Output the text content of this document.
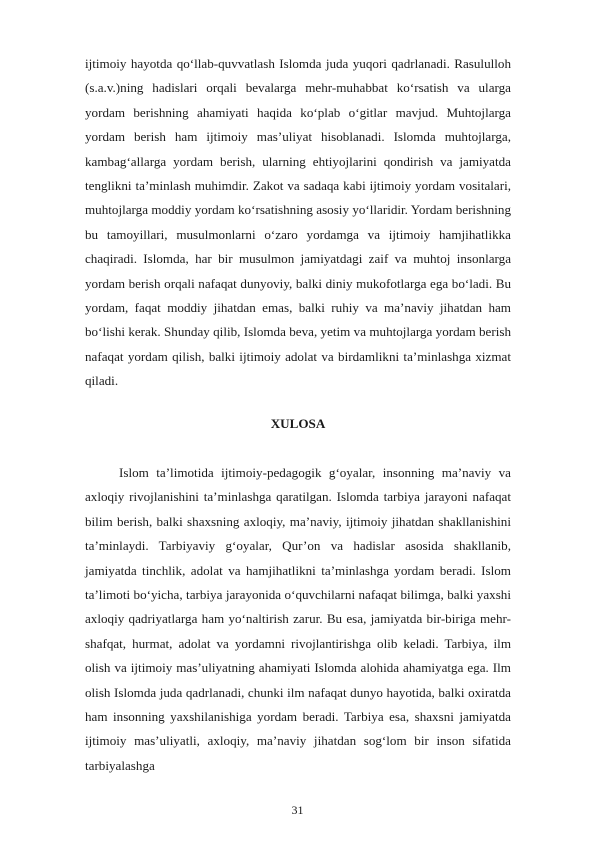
ijtimoiy hayotda qo‘llab-quvvatlash Islomda juda yuqori qadrlanadi. Rasululloh (s.a.v.)ning hadislari orqali bevalarga mehr-muhabbat ko‘rsatish va ularga yordam berishning ahamiyati haqida ko‘plab o‘gitlar mavjud. Muhtojlarga yordam berish ham ijtimoiy mas’uliyat hisoblanadi. Islomda muhtojlarga, kambag‘allarga yordam berish, ularning ehtiyojlarini qondirish va jamiyatda tenglikni ta’minlash muhimdir. Zakot va sadaqa kabi ijtimoiy yordam vositalari, muhtojlarga moddiy yordam ko‘rsatishning asosiy yo‘llaridir. Yordam berishning bu tamoyillari, musulmonlarni o‘zaro yordamga va ijtimoiy hamjihatlikka chaqiradi. Islomda, har bir musulmon jamiyatdagi zaif va muhtoj insonlarga yordam berish orqali nafaqat dunyoviy, balki diniy mukofotlarga ega bo‘ladi. Bu yordam, faqat moddiy jihatdan emas, balki ruhiy va ma’naviy jihatdan ham bo‘lishi kerak. Shunday qilib, Islomda beva, yetim va muhtojlarga yordam berish nafaqat yordam qilish, balki ijtimoiy adolat va birdamlikni ta’minlashga xizmat qiladi.

XULOSA

Islom ta’limotida ijtimoiy-pedagogik g‘oyalar, insonning ma’naviy va axloqiy rivojlanishini ta’minlashga qaratilgan. Islomda tarbiya jarayoni nafaqat bilim berish, balki shaxsning axloqiy, ma’naviy, ijtimoiy jihatdan shakllanishini ta’minlaydi. Tarbiyaviy g‘oyalar, Qur’on va hadislar asosida shakllanib, jamiyatda tinchlik, adolat va hamjihatlikni ta’minlashga yordam beradi. Islom ta’limoti bo‘yicha, tarbiya jarayonida o‘quvchilarni nafaqat bilimga, balki yaxshi axloqiy qadriyatlarga ham yo‘naltirish zarur. Bu esa, jamiyatda bir-biriga mehr-shafqat, hurmat, adolat va yordamni rivojlantirishga olib keladi. Tarbiya, ilm olish va ijtimoiy mas’uliyatning ahamiyati Islomda alohida ahamiyatga ega. Ilm olish Islomda juda qadrlanadi, chunki ilm nafaqat dunyo hayotida, balki oxiratda ham insonning yaxshilanishiga yordam beradi. Tarbiya esa, shaxsni jamiyatda ijtimoiy mas’uliyatli, axloqiy, ma’naviy jihatdan sog‘lom bir inson sifatida tarbiyalashga

31
